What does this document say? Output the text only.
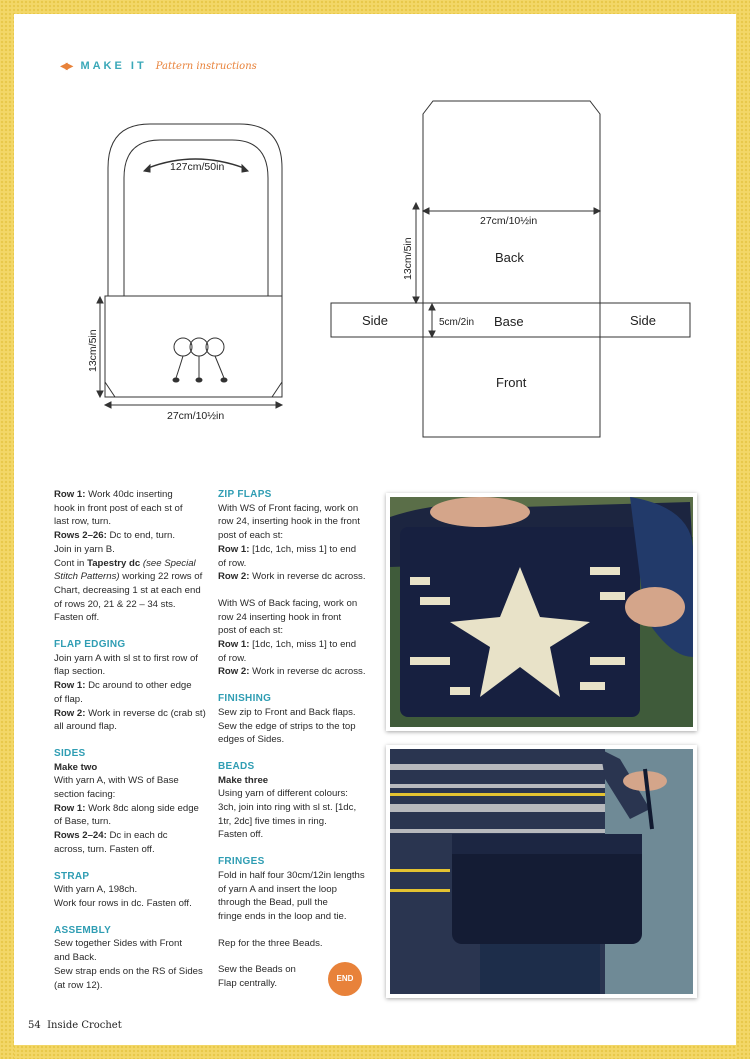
◀▶ MAKE IT Pattern instructions
127cm/50in
13cm/5in
27cm/10½in
27cm/10½in
13cm/5in	Back
Side	5cm/2in Base	Side
Front

Row 1: Work 40dc inserting

hook in front post of each st of

last row, turn.

Rows 2–26: Dc to end, turn.

Join in yarn B.

Cont in Tapestry dc (see Special

Stitch Patterns) working 22 rows of

Chart, decreasing 1 st at each end

of rows 20, 21 & 22 – 34 sts.

Fasten off.

FLAP EDGING

Join yarn A with sl st to first row of

flap section.

Row 1: Dc around to other edge

of flap.

Row 2: Work in reverse dc (crab st)

all around flap.

SIDES

Make two

With yarn A, with WS of Base

section facing:

Row 1: Work 8dc along side edge

of Base, turn.

Rows 2–24: Dc in each dc

across, turn. Fasten off.

STRAP

With yarn A, 198ch.

Work four rows in dc. Fasten off.

ASSEMBLY

Sew together Sides with Front

and Back.

Sew strap ends on the RS of Sides

(at row 12).

ZIP FLAPS

With WS of Front facing, work on

row 24, inserting hook in the front

post of each st:

Row 1: [1dc, 1ch, miss 1] to end

of row.

Row 2: Work in reverse dc across.

With WS of Back facing, work on

row 24 inserting hook in front

post of each st:

Row 1: [1dc, 1ch, miss 1] to end

of row.

Row 2: Work in reverse dc across.

FINISHING

Sew zip to Front and Back flaps.

Sew the edge of strips to the top

edges of Sides.

BEADS

Make three

Using yarn of different colours:

3ch, join into ring with sl st. [1dc,

1tr, 2dc] five times in ring.

Fasten off.

FRINGES

Fold in half four 30cm/12in lengths

of yarn A and insert the loop

through the Bead, pull the

fringe ends in the loop and tie.

Rep for the three Beads.

Sew the Beads on

Flap centrally.	END
54 Inside Crochet
